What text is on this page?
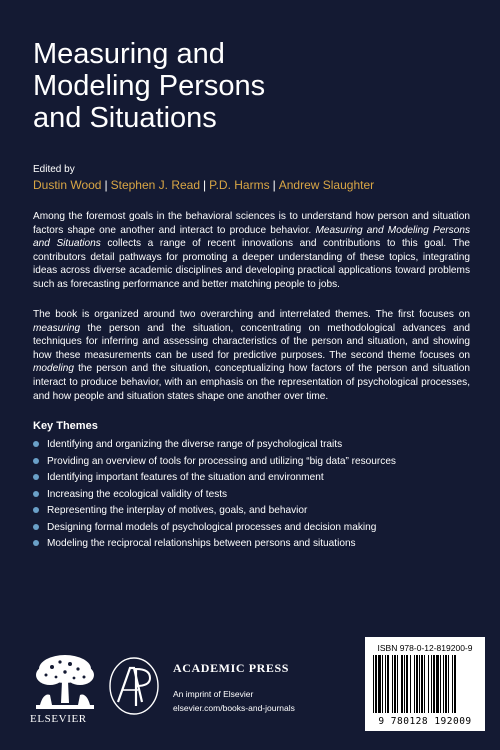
Measuring and
Modeling Persons
and Situations
Edited by
Dustin Wood | Stephen J. Read | P.D. Harms | Andrew Slaughter

Among the foremost goals in the behavioral sciences is to understand how person and situation factors shape one another and interact to produce behavior. Measuring and Modeling Persons and Situations collects a range of recent innovations and contributions to this goal. The contributors detail pathways for promoting a deeper understanding of these topics, integrating ideas across diverse academic disciplines and developing practical applications toward problems such as forecasting performance and better matching people to jobs.

The book is organized around two overarching and interrelated themes. The first focuses on measuring the person and the situation, concentrating on methodological advances and techniques for inferring and assessing characteristics of the person and situation, and showing how these measurements can be used for predictive purposes. The second theme focuses on modeling the person and the situation, conceptualizing how factors of the person and situation interact to produce behavior, with an emphasis on the representation of psychological processes, and how people and situation states shape one another over time.

Key Themes
Identifying and organizing the diverse range of psychological traits
Providing an overview of tools for processing and utilizing “big data” resources
Identifying important features of the situation and environment
Increasing the ecological validity of tests
Representing the interplay of motives, goals, and behavior
Designing formal models of psychological processes and decision making
Modeling the reciprocal relationships between persons and situations
ELSEVIER
ACADEMIC PRESS
An imprint of Elsevier
elsevier.com/books-and-journals
ISBN 978-0-12-819200-9
9 780128 192009
